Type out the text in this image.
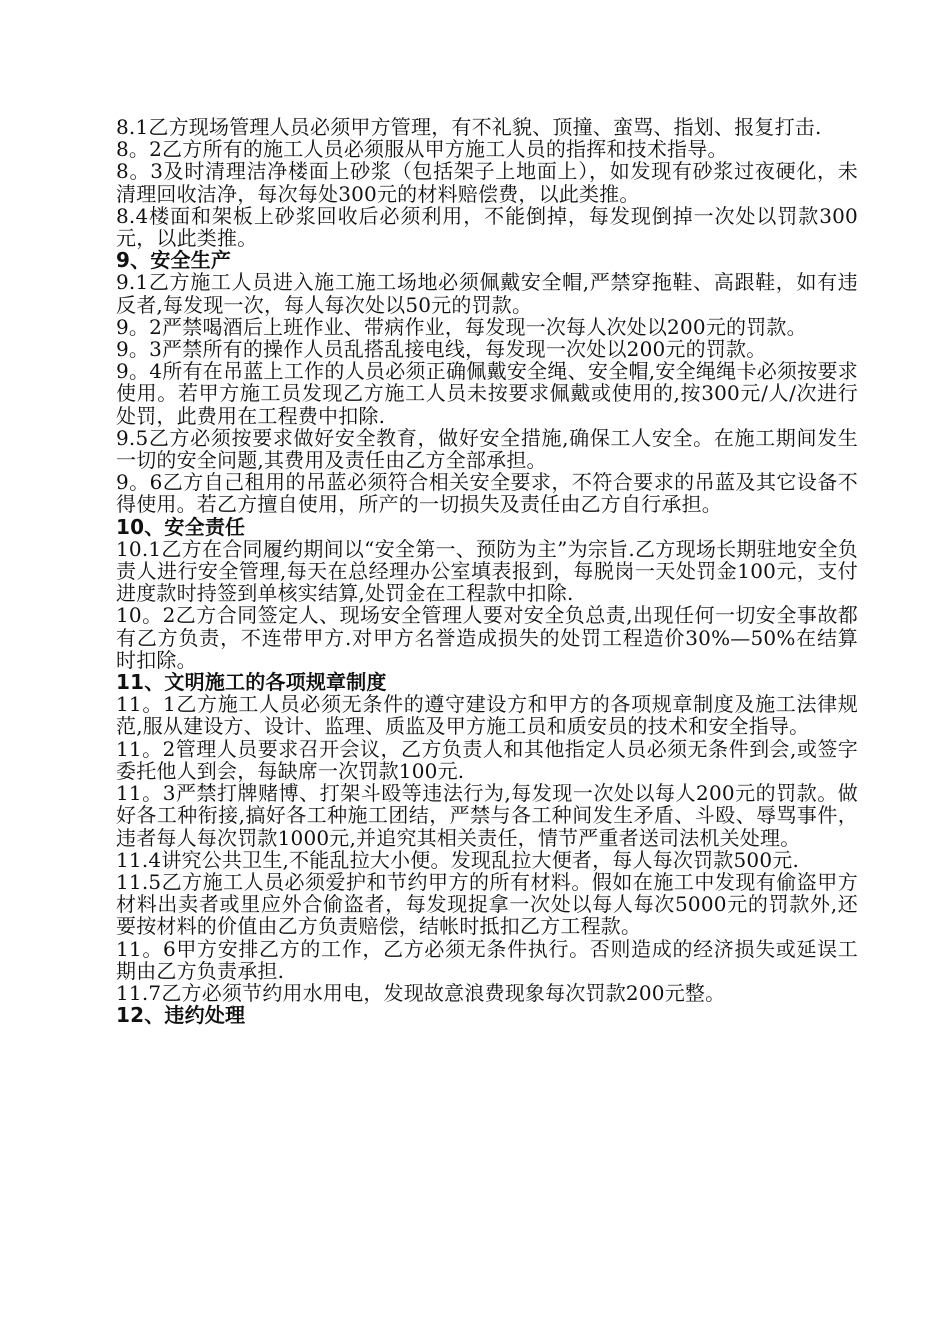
8.1乙方现场管理人员必须甲方管理，有不礼貌、顶撞、蛮骂、指划、报复打击.

8。2乙方所有的施工人员必须服从甲方施工人员的指挥和技术指导。

8。3及时清理洁净楼面上砂浆（包括架子上地面上），如发现有砂浆过夜硬化，未清理回收洁净，每次每处300元的材料赔偿费，以此类推。

8.4楼面和架板上砂浆回收后必须利用，不能倒掉，每发现倒掉一次处以罚款300元，以此类推。

9、安全生产

9.1乙方施工人员进入施工施工场地必须佩戴安全帽,严禁穿拖鞋、高跟鞋，如有违反者,每发现一次，每人每次处以50元的罚款。

9。2严禁喝酒后上班作业、带病作业，每发现一次每人次处以200元的罚款。

9。3严禁所有的操作人员乱搭乱接电线，每发现一次处以200元的罚款。

9。4所有在吊蓝上工作的人员必须正确佩戴安全绳、安全帽,安全绳绳卡必须按要求使用。若甲方施工员发现乙方施工人员未按要求佩戴或使用的,按300元/人/次进行处罚，此费用在工程费中扣除.

9.5乙方必须按要求做好安全教育，做好安全措施,确保工人安全。在施工期间发生一切的安全问题,其费用及责任由乙方全部承担。

9。6乙方自己租用的吊蓝必须符合相关安全要求，不符合要求的吊蓝及其它设备不得使用。若乙方擅自使用，所产的一切损失及责任由乙方自行承担。

10、安全责任

10.1乙方在合同履约期间以“安全第一、预防为主”为宗旨.乙方现场长期驻地安全负责人进行安全管理,每天在总经理办公室填表报到，每脱岗一天处罚金100元，支付进度款时持签到单核实结算,处罚金在工程款中扣除.

10。2乙方合同签定人、现场安全管理人要对安全负总责,出现任何一切安全事故都有乙方负责，不连带甲方.对甲方名誉造成损失的处罚工程造价30%—50%在结算时扣除。

11、文明施工的各项规章制度

11。1乙方施工人员必须无条件的遵守建设方和甲方的各项规章制度及施工法律规范,服从建设方、设计、监理、质监及甲方施工员和质安员的技术和安全指导。

11。2管理人员要求召开会议，乙方负责人和其他指定人员必须无条件到会,或签字委托他人到会，每缺席一次罚款100元.

11。3严禁打牌赌博、打架斗殴等违法行为,每发现一次处以每人200元的罚款。做好各工种衔接,搞好各工种施工团结，严禁与各工种间发生矛盾、斗殴、辱骂事件，违者每人每次罚款1000元,并追究其相关责任，情节严重者送司法机关处理。

11.4讲究公共卫生,不能乱拉大小便。发现乱拉大便者，每人每次罚款500元.

11.5乙方施工人员必须爱护和节约甲方的所有材料。假如在施工中发现有偷盗甲方材料出卖者或里应外合偷盗者，每发现捉拿一次处以每人每次5000元的罚款外,还要按材料的价值由乙方负责赔偿，结帐时抵扣乙方工程款。

11。6甲方安排乙方的工作，乙方必须无条件执行。否则造成的经济损失或延误工期由乙方负责承担.

11.7乙方必须节约用水用电，发现故意浪费现象每次罚款200元整。

12、违约处理
